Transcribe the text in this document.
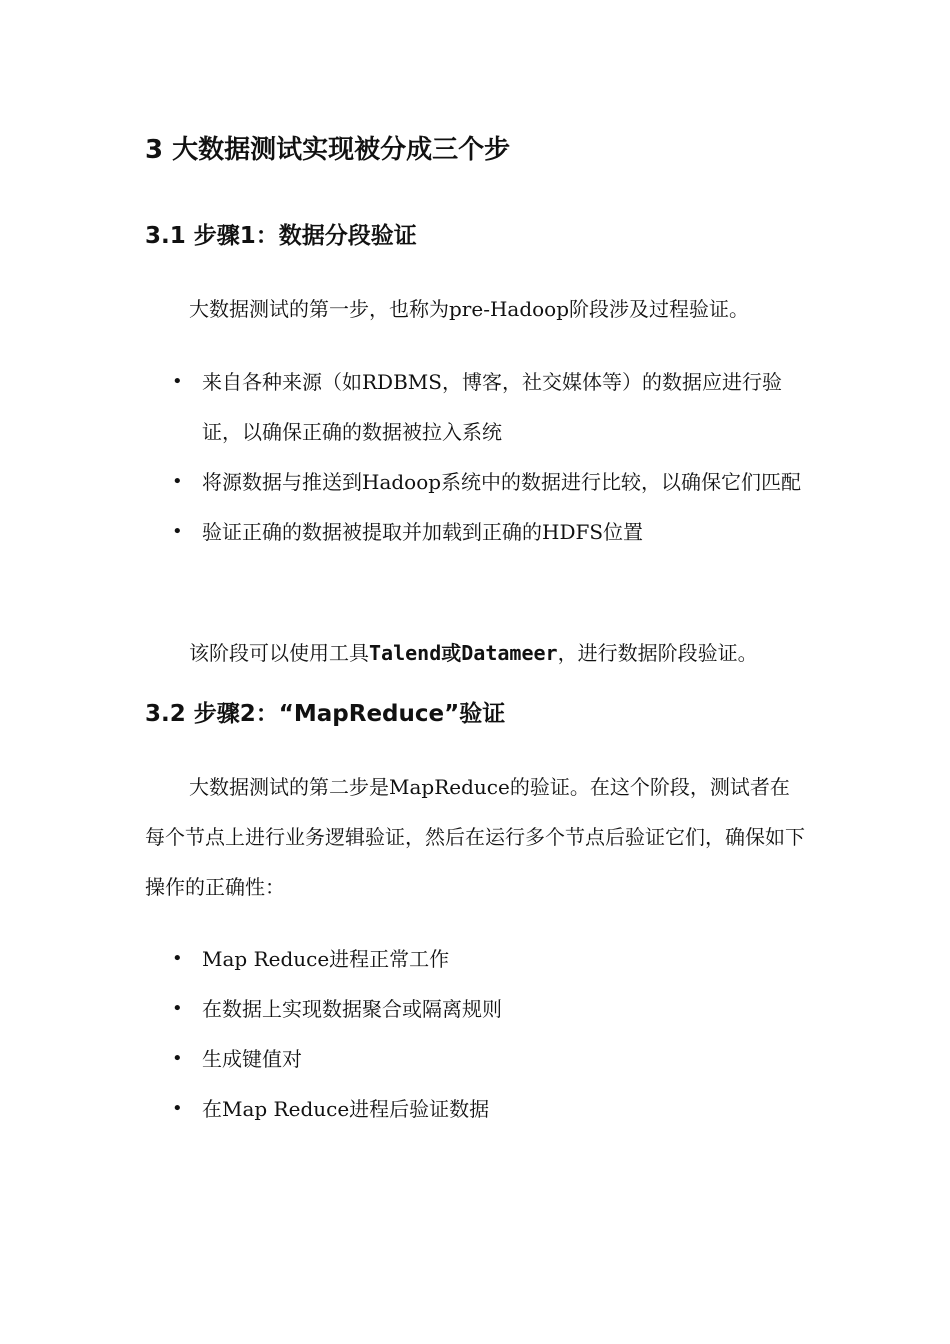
3 大数据测试实现被分成三个步
3.1 步骤1：数据分段验证

大数据测试的第一步，也称为pre-Hadoop阶段涉及过程验证。

• 来自各种来源（如RDBMS，博客，社交媒体等）的数据应进行验证，以确保正确的数据被拉入系统
• 将源数据与推送到Hadoop系统中的数据进行比较，以确保它们匹配
• 验证正确的数据被提取并加载到正确的HDFS位置

该阶段可以使用工具Talend或Datameer，进行数据阶段验证。

3.2 步骤2：“MapReduce”验证

大数据测试的第二步是MapReduce的验证。在这个阶段，测试者在每个节点上进行业务逻辑验证，然后在运行多个节点后验证它们，确保如下操作的正确性：

• Map Reduce进程正常工作
• 在数据上实现数据聚合或隔离规则
• 生成键值对
• 在Map Reduce进程后验证数据
